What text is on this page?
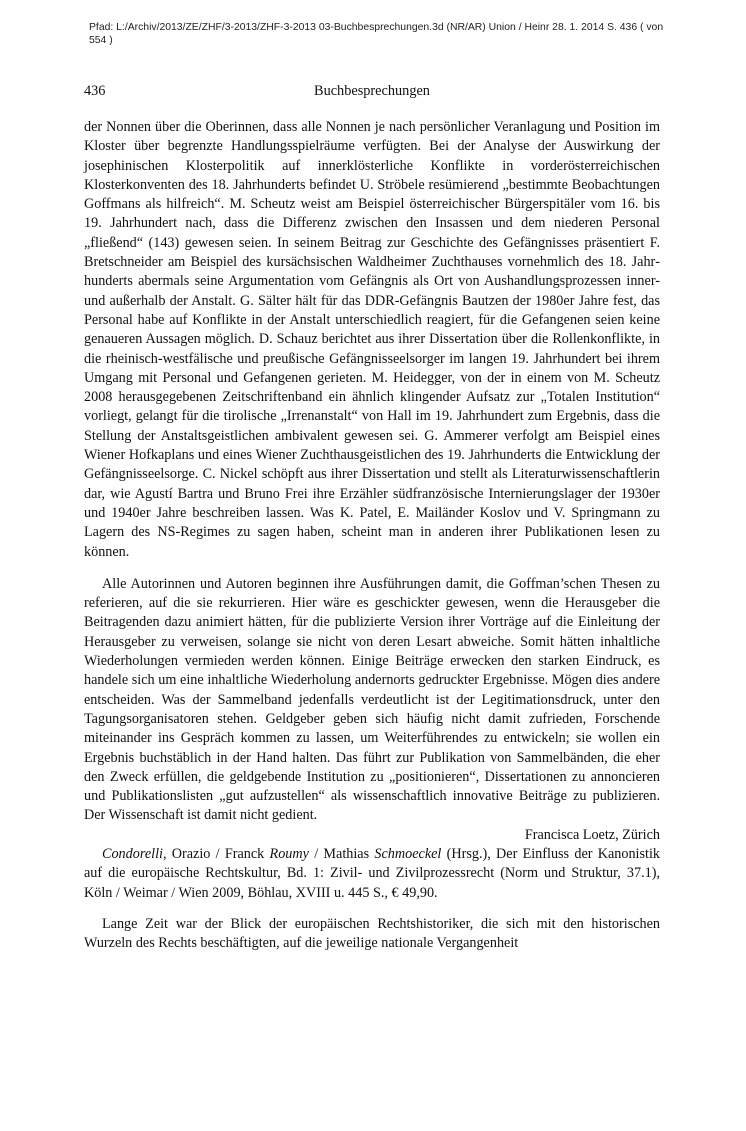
Pfad: L:/Archiv/2013/ZE/ZHF/3-2013/ZHF-3-2013 03-Buchbesprechungen.3d (NR/AR) Union / Heinr 28. 1. 2014 S. 436 ( von 554 )
436	Buchbesprechungen

der Nonnen über die Oberinnen, dass alle Nonnen je nach persönlicher Veranlagung und Position im Kloster über begrenzte Handlungsspielräume verfügten. Bei der Analyse der Auswirkung der josephinischen Klosterpolitik auf innerklösterliche Konflikte in vorderösterreichischen Klosterkonventen des 18. Jahrhunderts befindet U. Ströbele resümierend „bestimmte Beobachtungen Goffmans als hilfreich“. M. Scheutz weist am Beispiel österreichischer Bürgerspitäler vom 16. bis 19. Jahrhundert nach, dass die Differenz zwischen den Insassen und dem niederen Personal „fließend“ (143) gewesen seien. In seinem Beitrag zur Geschichte des Gefängnisses präsentiert F. Bretschneider am Beispiel des kursächsischen Waldheimer Zuchthauses vornehmlich des 18. Jahrhunderts abermals seine Argumentation vom Gefängnis als Ort von Aushandlungsprozessen inner- und außerhalb der Anstalt. G. Sälter hält für das DDR-Gefängnis Bautzen der 1980er Jahre fest, das Personal habe auf Konflikte in der Anstalt unterschiedlich reagiert, für die Gefangenen seien keine genaueren Aussagen möglich. D. Schauz berichtet aus ihrer Dissertation über die Rollenkonflikte, in die rheinisch-westfälische und preußische Gefängnisseelsorger im langen 19. Jahrhundert bei ihrem Umgang mit Personal und Gefangenen gerieten. M. Heidegger, von der in einem von M. Scheutz 2008 herausgegebenen Zeitschriftenband ein ähnlich klingender Aufsatz zur „Totalen Institution“ vorliegt, gelangt für die tirolische „Irrenanstalt“ von Hall im 19. Jahrhundert zum Ergebnis, dass die Stellung der Anstaltsgeistlichen ambivalent gewesen sei. G. Ammerer verfolgt am Beispiel eines Wiener Hofkaplans und eines Wiener Zuchthausgeistlichen des 19. Jahrhunderts die Entwicklung der Gefängnisseelsorge. C. Nickel schöpft aus ihrer Dissertation und stellt als Literaturwissenschaftlerin dar, wie Agustí Bartra und Bruno Frei ihre Erzähler südfranzösische Internierungslager der 1930er und 1940er Jahre beschreiben lassen. Was K. Patel, E. Mailänder Koslov und V. Springmann zu Lagern des NS-Regimes zu sagen haben, scheint man in anderen ihrer Publikationen lesen zu können.

Alle Autorinnen und Autoren beginnen ihre Ausführungen damit, die Goffman’schen Thesen zu referieren, auf die sie rekurrieren. Hier wäre es geschickter gewesen, wenn die Herausgeber die Beitragenden dazu animiert hätten, für die publizierte Version ihrer Vorträge auf die Einleitung der Herausgeber zu verweisen, solange sie nicht von deren Lesart abweiche. Somit hätten inhaltliche Wiederholungen vermieden werden können. Einige Beiträge erwecken den starken Eindruck, es handele sich um eine inhaltliche Wiederholung andernorts gedruckter Ergebnisse. Mögen dies andere entscheiden. Was der Sammelband jedenfalls verdeutlicht ist der Legitimationsdruck, unter den Tagungsorganisatoren stehen. Geldgeber geben sich häufig nicht damit zufrieden, Forschende miteinander ins Gespräch kommen zu lassen, um Weiterführendes zu entwickeln; sie wollen ein Ergebnis buchstäblich in der Hand halten. Das führt zur Publikation von Sammelbänden, die eher den Zweck erfüllen, die geldgebende Institution zu „positionieren“, Dissertationen zu annoncieren und Publikationslisten „gut aufzustellen“ als wissenschaftlich innovative Beiträge zu publizieren. Der Wissenschaft ist damit nicht gedient.

Francisca Loetz, Zürich

Condorelli, Orazio / Franck Roumy / Mathias Schmoeckel (Hrsg.), Der Einfluss der Kanonistik auf die europäische Rechtskultur, Bd. 1: Zivil- und Zivilprozessrecht (Norm und Struktur, 37.1), Köln / Weimar / Wien 2009, Böhlau, XVIII u. 445 S., € 49,90.

Lange Zeit war der Blick der europäischen Rechtshistoriker, die sich mit den historischen Wurzeln des Rechts beschäftigten, auf die jeweilige nationale Vergangenheit
